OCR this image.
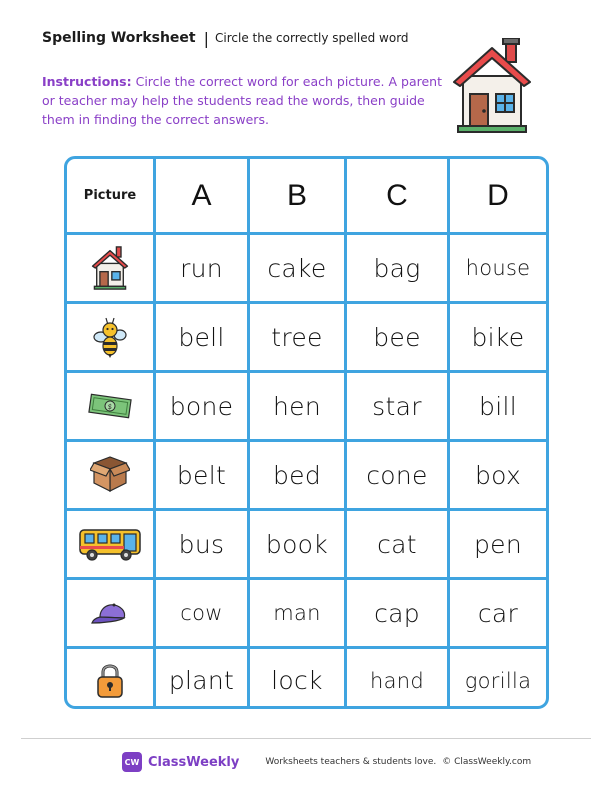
Spelling Worksheet | Circle the correctly spelled word
Instructions: Circle the correct word for each picture. A parent or teacher may help the students read the words, then guide them in finding the correct answers.
Picture A	B	C	D
run cake bag house
bell tree bee bike
$ bone hen star bill
belt bed cone box
bus book cat pen
cow man cap car
plant lock hand gorilla
CW ClassWeekly	Worksheets teachers & students love. © ClassWeekly.com
